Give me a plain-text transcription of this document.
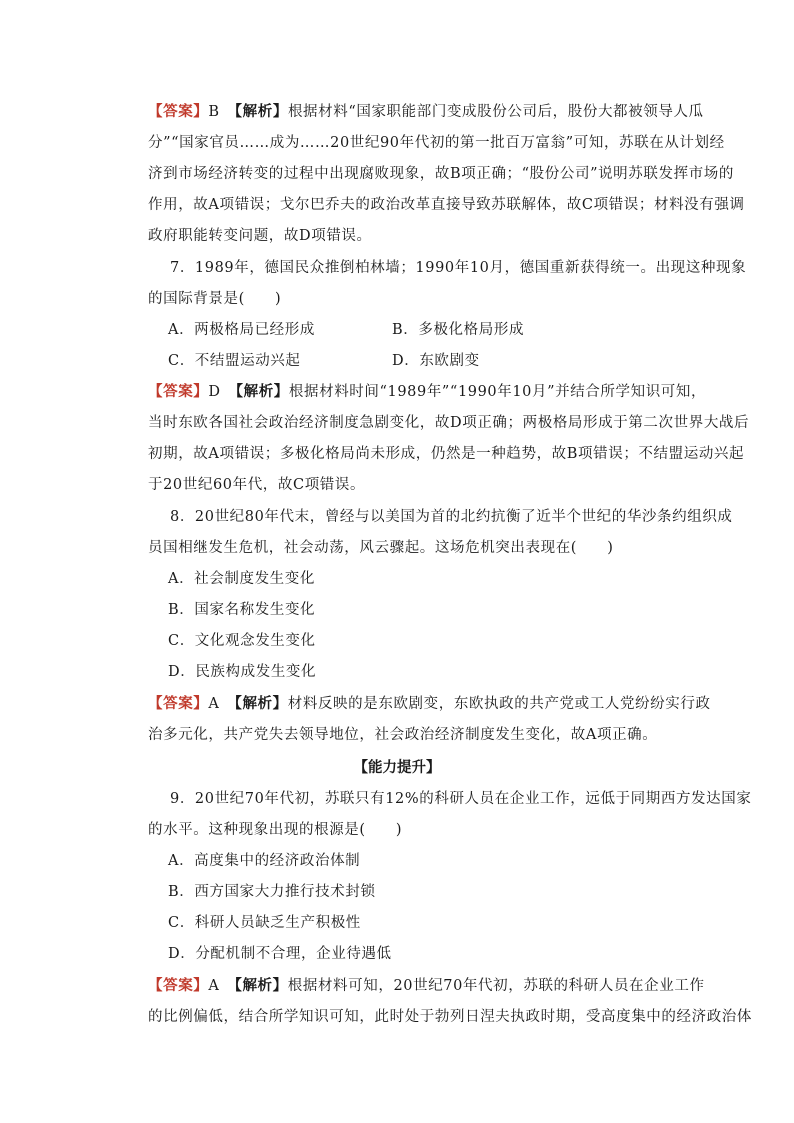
【答案】B　 【解析】根据材料“国家职能部门变成股份公司后，股份大都被领导人瓜
分”“国家官员……成为……20世纪90年代初的第一批百万富翁”可知，苏联在从计划经
济到市场经济转变的过程中出现腐败现象，故B项正确；“股份公司”说明苏联发挥市场的
作用，故A项错误；戈尔巴乔夫的政治改革直接导致苏联解体，故C项错误；材料没有强调
政府职能转变问题，故D项错误。
7．1989年，德国民众推倒柏林墙；1990年10月，德国重新获得统一。出现这种现象
的国际背景是(　　)
A．两极格局已经形成	B．多极化格局形成
C．不结盟运动兴起	D．东欧剧变
【答案】D　 【解析】根据材料时间“1989年”“1990年10月”并结合所学知识可知，
当时东欧各国社会政治经济制度急剧变化，故D项正确；两极格局形成于第二次世界大战后
初期，故A项错误；多极化格局尚未形成，仍然是一种趋势，故B项错误；不结盟运动兴起
于20世纪60年代，故C项错误。
8．20世纪80年代末，曾经与以美国为首的北约抗衡了近半个世纪的华沙条约组织成
员国相继发生危机，社会动荡，风云骤起。这场危机突出表现在(　　)
A．社会制度发生变化
B．国家名称发生变化
C．文化观念发生变化
D．民族构成发生变化
【答案】A　 【解析】材料反映的是东欧剧变，东欧执政的共产党或工人党纷纷实行政
治多元化，共产党失去领导地位，社会政治经济制度发生变化，故A项正确。
【能力提升】
9．20世纪70年代初，苏联只有12%的科研人员在企业工作，远低于同期西方发达国家
的水平。这种现象出现的根源是(　　)
A．高度集中的经济政治体制
B．西方国家大力推行技术封锁
C．科研人员缺乏生产积极性
D．分配机制不合理，企业待遇低
【答案】A　 【解析】根据材料可知，20世纪70年代初，苏联的科研人员在企业工作
的比例偏低，结合所学知识可知，此时处于勃列日涅夫执政时期，受高度集中的经济政治体
